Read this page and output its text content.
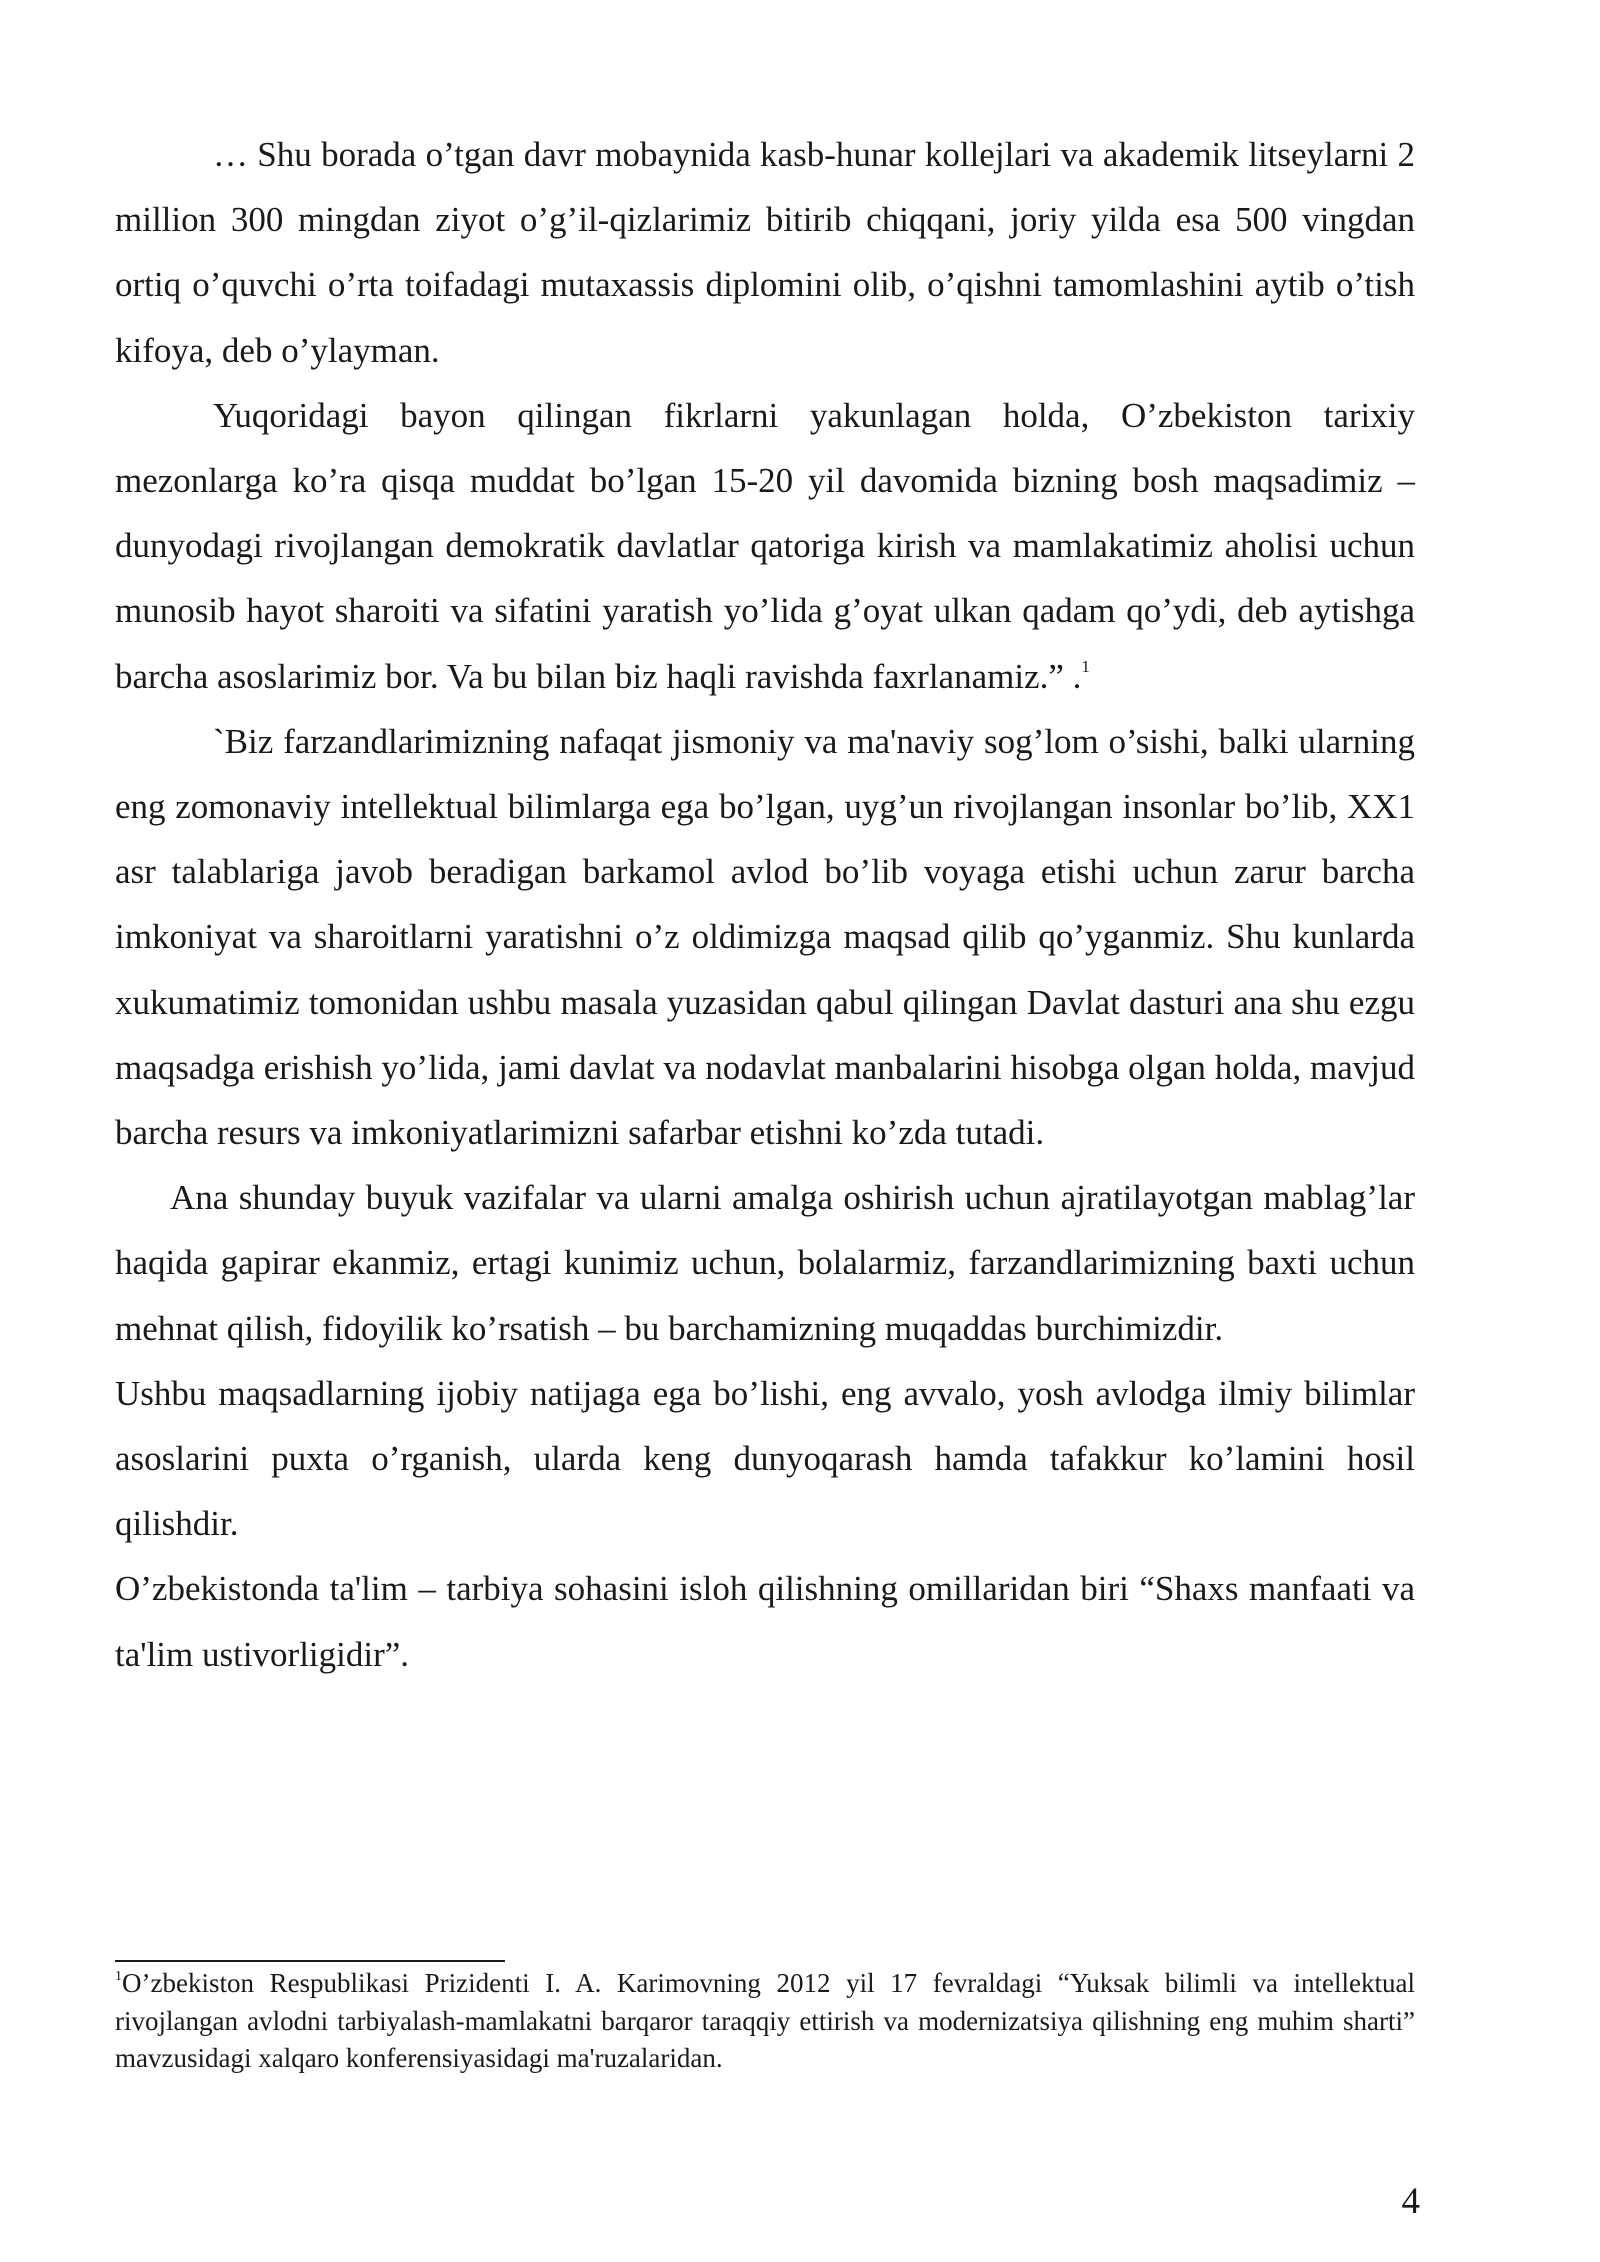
… Shu borada o’tgan davr mobaynida kasb-hunar kollejlari va akademik litseylarni 2 million 300 mingdan ziyot o’g’il-qizlarimiz bitirib chiqqani, joriy yilda esa 500 vingdan ortiq o’quvchi o’rta toifadagi mutaxassis diplomini olib, o’qishni tamomlashini aytib o’tish kifoya, deb o’ylayman.

Yuqoridagi bayon qilingan fikrlarni yakunlagan holda, O’zbekiston tarixiy mezonlarga ko’ra qisqa muddat bo’lgan 15-20 yil davomida bizning bosh maqsadimiz – dunyodagi rivojlangan demokratik davlatlar qatoriga kirish va mamlakatimiz aholisi uchun munosib hayot sharoiti va sifatini yaratish yo’lida g’oyat ulkan qadam qo’ydi, deb aytishga barcha asoslarimiz bor. Va bu bilan biz haqli ravishda faxrlanamiz.” .$^1$

`Biz farzandlarimizning nafaqat jismoniy va ma'naviy sog’lom o’sishi, balki ularning eng zomonaviy intellektual bilimlarga ega bo’lgan, uyg’un rivojlangan insonlar bo’lib, XX1 asr talablariga javob beradigan barkamol avlod bo’lib voyaga etishi uchun zarur barcha imkoniyat va sharoitlarni yaratishni o’z oldimizga maqsad qilib qo’yganmiz. Shu kunlarda xukumatimiz tomonidan ushbu masala yuzasidan qabul qilingan Davlat dasturi ana shu ezgu maqsadga erishish yo’lida, jami davlat va nodavlat manbalarini hisobga olgan holda, mavjud barcha resurs va imkoniyatlarimizni safarbar etishni ko’zda tutadi.

Ana shunday buyuk vazifalar va ularni amalga oshirish uchun ajratilayotgan mablag’lar haqida gapirar ekanmiz, ertagi kunimiz uchun, bolalarmiz, farzandlarimizning baxti uchun mehnat qilish, fidoyilik ko’rsatish – bu barchamizning muqaddas burchimizdir.

Ushbu maqsadlarning ijobiy natijaga ega bo’lishi, eng avvalo, yosh avlodga ilmiy bilimlar asoslarini puxta o’rganish, ularda keng dunyoqarash hamda tafakkur ko’lamini hosil qilishdir.

O’zbekistonda ta'lim – tarbiya sohasini isloh qilishning omillaridan biri “Shaxs manfaati va ta'lim ustivorligidir”.

$^1$O’zbekiston Respublikasi Prizidenti I. A. Karimovning 2012 yil 17 fevraldagi “Yuksak bilimli va intellektual rivojlangan avlodni tarbiyalash-mamlakatni barqaror taraqqiy ettirish va modernizatsiya qilishning eng muhim sharti” mavzusidagi xalqaro konferensiyasidagi ma'ruzalaridan.

4
